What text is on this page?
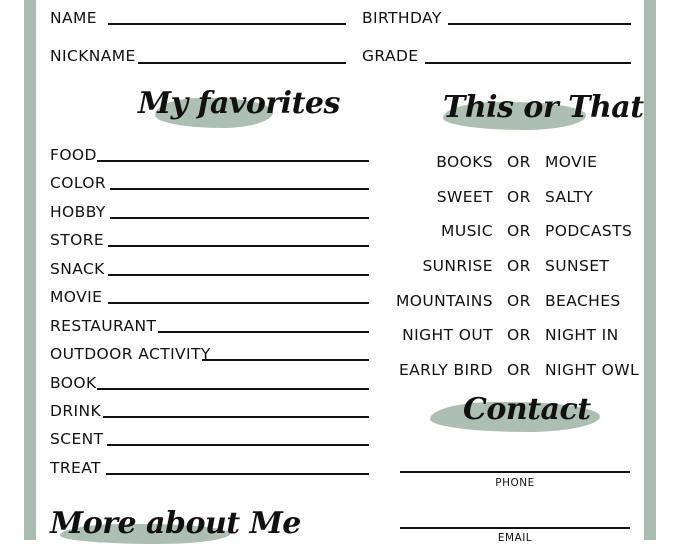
NAME	BIRTHDAY
NICKNAME	GRADE
My favorites
FOOD
COLOR
HOBBY
STORE
SNACK
MOVIE
RESTAURANT
OUTDOOR ACTIVITY
BOOK
DRINK
SCENT
TREAT
This or That
BOOKS OR MOVIE
SWEET OR SALTY
MUSIC OR PODCASTS
SUNRISE OR SUNSET
MOUNTAINS OR BEACHES
NIGHT OUT OR NIGHT IN
EARLY BIRD OR NIGHT OWL
Contact
PHONE
EMAIL
More about Me
